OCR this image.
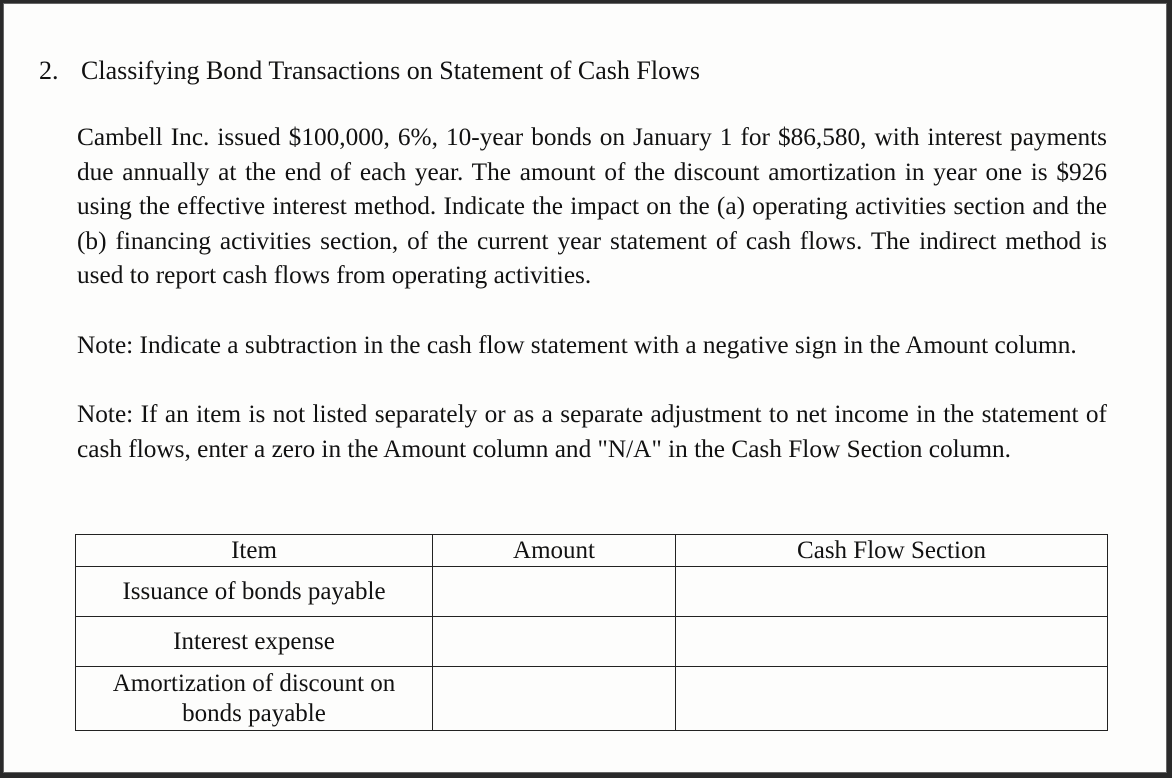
2. Classifying Bond Transactions on Statement of Cash Flows

Cambell Inc. issued $100,000, 6%, 10-year bonds on January 1 for $86,580, with interest payments due annually at the end of each year. The amount of the discount amortization in year one is $926 using the effective interest method. Indicate the impact on the (a) operating activities section and the (b) financing activities section, of the current year statement of cash flows. The indirect method is used to report cash flows from operating activities.

Note: Indicate a subtraction in the cash flow statement with a negative sign in the Amount column.

Note: If an item is not listed separately or as a separate adjustment to net income in the statement of cash flows, enter a zero in the Amount column and "N/A" in the Cash Flow Section column.

Item	Amount	Cash Flow Section
Issuance of bonds payable		
Interest expense		
Amortization of discount on bonds payable		
